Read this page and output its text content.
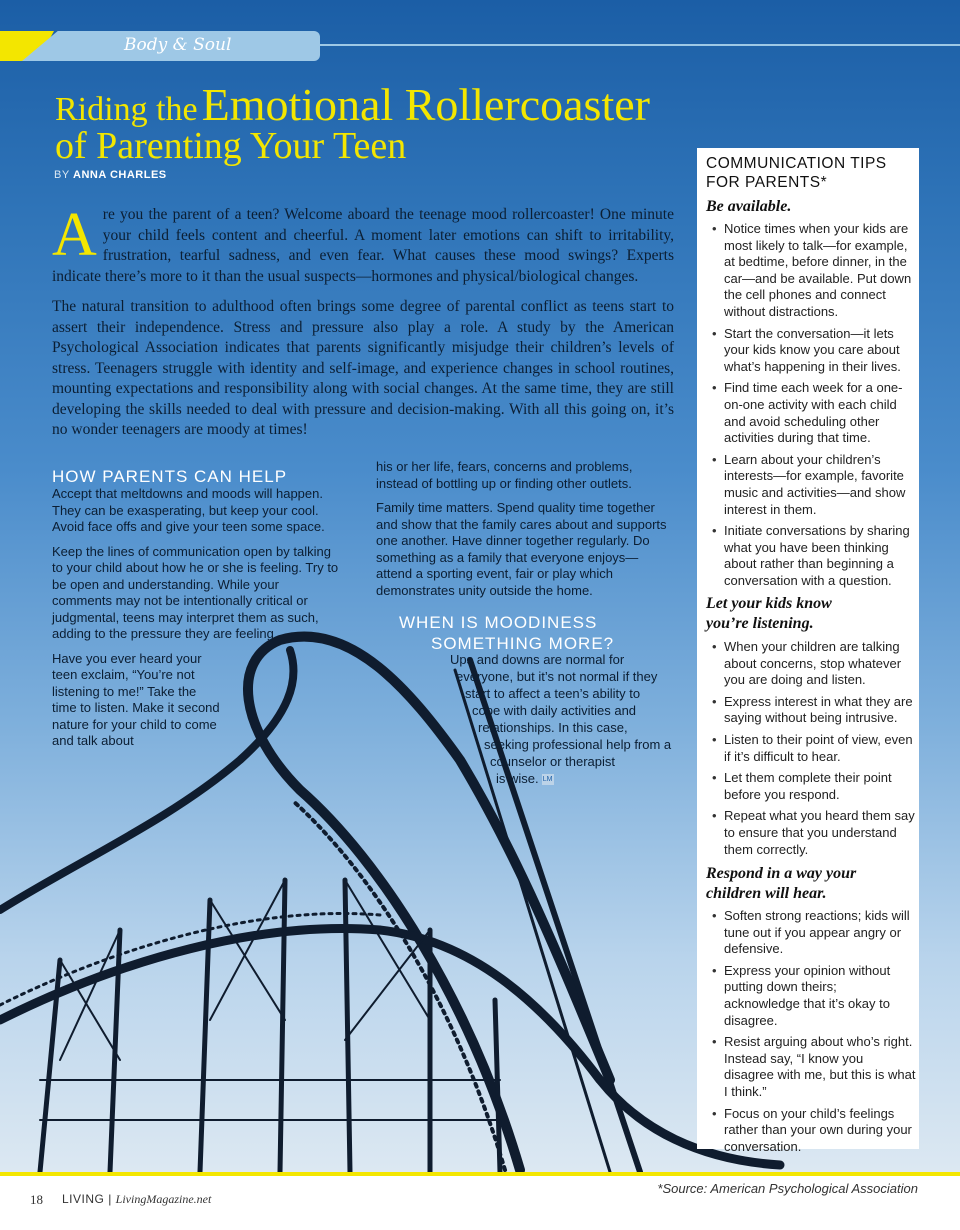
Body & Soul
Riding the Emotional Rollercoaster
of Parenting Your Teen
BY ANNA CHARLES

Are you the parent of a teen? Welcome aboard the teenage mood rollercoaster! One minute your child feels content and cheerful. A moment later emotions can shift to irritability, frustration, tearful sadness, and even fear. What causes these mood swings? Experts indicate there’s more to it than the usual suspects—hormones and physical/biological changes.

The natural transition to adulthood often brings some degree of parental conflict as teens start to assert their independence. Stress and pressure also play a role. A study by the American Psychological Association indicates that parents significantly misjudge their children’s levels of stress. Teenagers struggle with identity and self-image, and experience changes in school routines, mounting expectations and responsibility along with social changes. At the same time, they are still developing the skills needed to deal with pressure and decision-making. With all this going on, it’s no wonder teenagers are moody at times!

HOW PARENTS CAN HELP

Accept that meltdowns and moods will happen. They can be exasperating, but keep your cool. Avoid face offs and give your teen some space.

Keep the lines of communication open by talking to your child about how he or she is feeling. Try to be open and understanding. While your comments may not be intentionally critical or judgmental, teens may interpret them as such, adding to the pressure they are feeling.

Have you ever heard your teen exclaim, “You’re not listening to me!” Take the time to listen. Make it second nature for your child to come and talk about

his or her life, fears, concerns and problems, instead of bottling up or finding other outlets.

Family time matters. Spend quality time together and show that the family cares about and supports one another. Have dinner together regularly. Do something as a family that everyone enjoys—attend a sporting event, fair or play which demonstrates unity outside the home.

WHEN IS MOODINESS
SOMETHING MORE?
Ups and downs are normal for
everyone, but it’s not normal if they
start to affect a teen’s ability to
cope with daily activities and
relationships. In this case,
seeking professional help from a
counselor or therapist
is wise. LM
COMMUNICATION TIPS
FOR PARENTS*
Be available.
• Notice times when your kids are most likely to talk—for example, at bedtime, before dinner, in the car—and be available. Put down the cell phones and connect without distractions.
• Start the conversation—it lets your kids know you care about what’s happening in their lives.
• Find time each week for a one-on-one activity with each child and avoid scheduling other activities during that time.
• Learn about your children’s interests—for example, favorite music and activities—and show interest in them.
• Initiate conversations by sharing what you have been thinking about rather than beginning a conversation with a question.
Let your kids know
you’re listening.
• When your children are talking about concerns, stop whatever you are doing and listen.
• Express interest in what they are saying without being intrusive.
• Listen to their point of view, even if it’s difficult to hear.
• Let them complete their point before you respond.
• Repeat what you heard them say to ensure that you understand them correctly.
Respond in a way your
children will hear.
• Soften strong reactions; kids will tune out if you appear angry or defensive.
• Express your opinion without putting down theirs; acknowledge that it’s okay to disagree.
• Resist arguing about who’s right. Instead say, “I know you disagree with me, but this is what I think.”
• Focus on your child’s feelings rather than your own during your conversation.
*Source: American Psychological Association
18 LIVING | LivingMagazine.net
